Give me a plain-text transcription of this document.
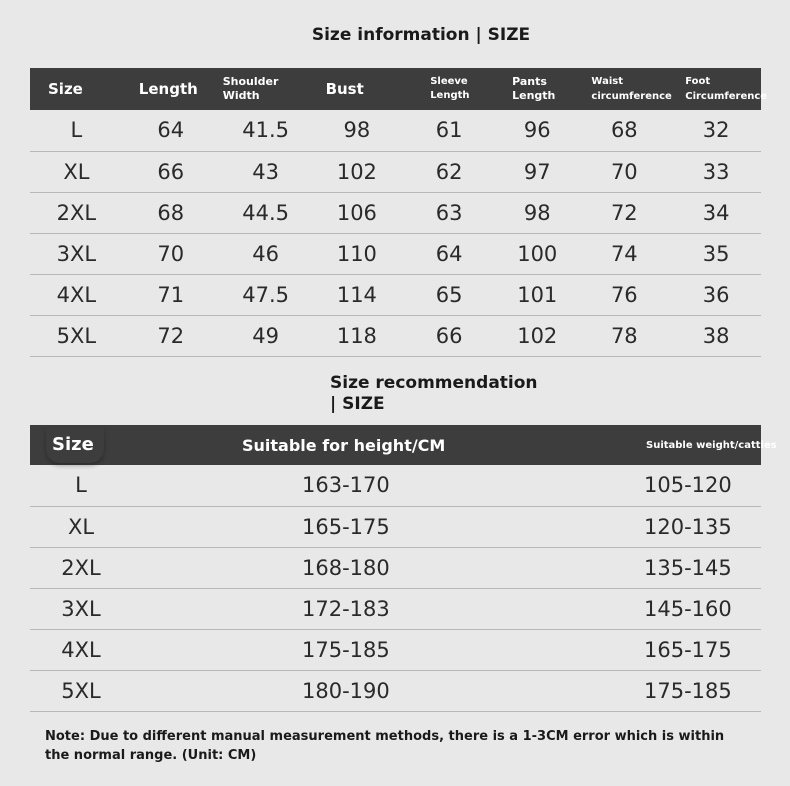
Size information | SIZE
Size	Length	Shoulder Width	Bust	Sleeve Length	Pants Length	Waist circumference	Foot Circumference
L	64	41.5	98	61	96	68	32
XL	66	43	102	62	97	70	33
2XL	68	44.5	106	63	98	72	34
3XL	70	46	110	64	100	74	35
4XL	71	47.5	114	65	101	76	36
5XL	72	49	118	66	102	78	38
Size recommendation
| SIZE
Size	Suitable for height/CM	Suitable weight/catties
L	163-170	105-120
XL	165-175	120-135
2XL	168-180	135-145
3XL	172-183	145-160
4XL	175-185	165-175
5XL	180-190	175-185
Note: Due to different manual measurement methods, there is a 1-3CM error which is within the normal range. (Unit: CM)
